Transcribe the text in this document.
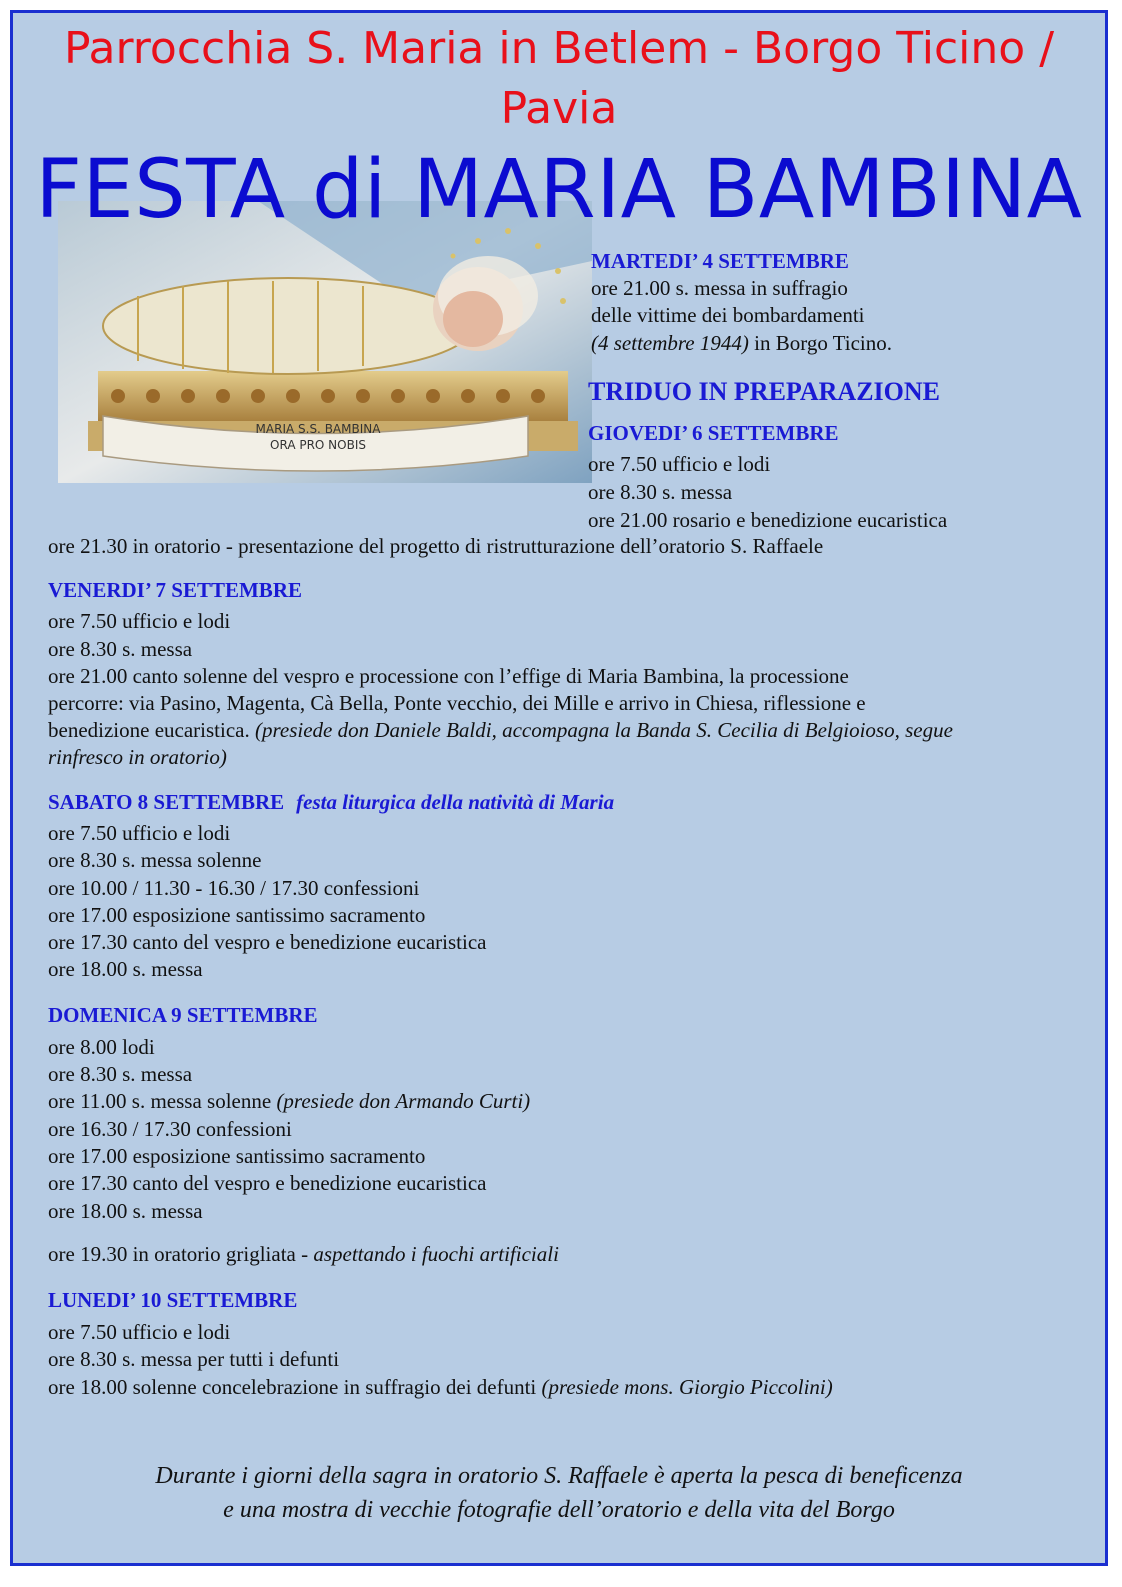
Parrocchia S. Maria in Betlem - Borgo Ticino /
Pavia
MARIA S.S. BAMBINA
ORA PRO NOBIS
FESTA di MARIA BAMBINA
MARTEDI’ 4 SETTEMBRE
ore 21.00 s. messa in suffragio
delle vittime dei bombardamenti
(4 settembre 1944) in Borgo Ticino.
TRIDUO IN PREPARAZIONE
GIOVEDI’ 6 SETTEMBRE
ore 7.50 ufficio e lodi
ore 8.30 s. messa
ore 21.00 rosario e benedizione eucaristica
ore 21.30 in oratorio - presentazione del progetto di ristrutturazione dell’oratorio S. Raffaele
VENERDI’ 7 SETTEMBRE
ore 7.50 ufficio e lodi
ore 8.30 s. messa
ore 21.00 canto solenne del vespro e processione con l’effige di Maria Bambina, la processione
percorre: via Pasino, Magenta, Cà Bella, Ponte vecchio, dei Mille e arrivo in Chiesa, riflessione e
benedizione eucaristica. (presiede don Daniele Baldi, accompagna la Banda S. Cecilia di Belgioioso, segue
rinfresco in oratorio)
SABATO 8 SETTEMBRE festa liturgica della natività di Maria
ore 7.50 ufficio e lodi
ore 8.30 s. messa solenne
ore 10.00 / 11.30 - 16.30 / 17.30 confessioni
ore 17.00 esposizione santissimo sacramento
ore 17.30 canto del vespro e benedizione eucaristica
ore 18.00 s. messa
DOMENICA 9 SETTEMBRE
ore 8.00 lodi
ore 8.30 s. messa
ore 11.00 s. messa solenne (presiede don Armando Curti)
ore 16.30 / 17.30 confessioni
ore 17.00 esposizione santissimo sacramento
ore 17.30 canto del vespro e benedizione eucaristica
ore 18.00 s. messa
ore 19.30 in oratorio grigliata - aspettando i fuochi artificiali
LUNEDI’ 10 SETTEMBRE
ore 7.50 ufficio e lodi
ore 8.30 s. messa per tutti i defunti
ore 18.00 solenne concelebrazione in suffragio dei defunti (presiede mons. Giorgio Piccolini)
Durante i giorni della sagra in oratorio S. Raffaele è aperta la pesca di beneficenza
e una mostra di vecchie fotografie dell’oratorio e della vita del Borgo
